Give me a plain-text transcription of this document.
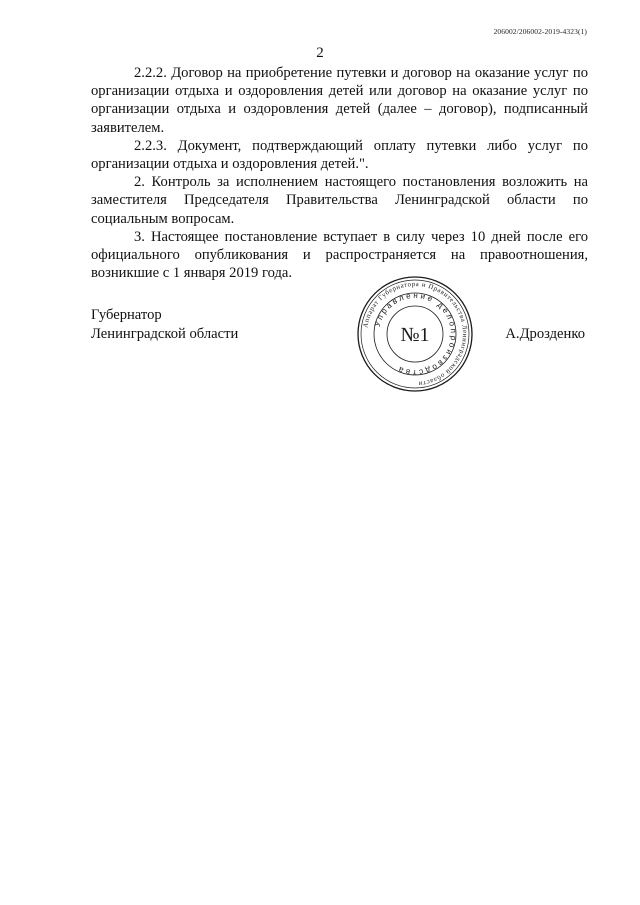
206002/206002-2019-4323(1)
2

2.2.2. Договор на приобретение путевки и договор на оказание услуг по организации отдыха и оздоровления детей или договор на оказание услуг по организации отдыха и оздоровления детей (далее – договор), подписанный заявителем.

2.2.3. Документ, подтверждающий оплату путевки либо услуг по организации отдыха и оздоровления детей.".

2. Контроль за исполнением настоящего постановления возложить на заместителя Председателя Правительства Ленинградской области по социальным вопросам.

3. Настоящее постановление вступает в силу через 10 дней после его официального опубликования и распространяется на правоотношения, возникшие с 1 января 2019 года.

Губернатор
Ленинградской области
Аппарат Губернатора и Правительства Ленинградской области
Управление делопроизводства
№1	А.Дрозденко
